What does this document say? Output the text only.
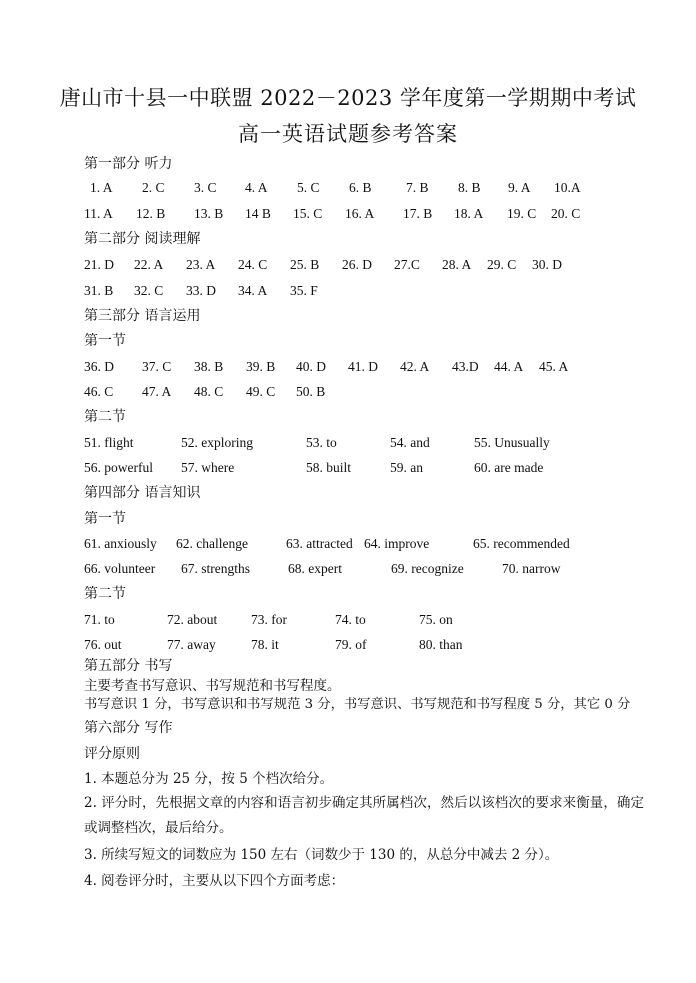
唐山市十县一中联盟 2022－2023 学年度第一学期期中考试
高一英语试题参考答案
第一部分 听力
1. A 2. C 3. C 4. A 5. C 6. B	7. B 8. B 9. A 10.A
11. A 12. B 13. B 14 B 15. C 16. A 17. B 18. A 19. C 20. C
第二部分 阅读理解
21. D 22. A 23. A 24. C 25. B 26. D 27.C 28. A 29. C 30. D
31. B 32. C 33. D 34. A 35. F
第三部分 语言运用
第一节
36. D 37. C 38. B 39. B 40. D 41. D 42. A 43.D 44. A 45. A
46. C 47. A 48. C 49. C 50. B
第二节
51. flight	52. exploring	53. to	54. and	55. Unusually
56. powerful 57. where	58. built	59. an	60. are made
第四部分 语言知识
第一节
61. anxiously 62. challenge	63. attracted 64. improve	65. recommended
66. volunteer 67. strengths	68. expert	69. recognize	70. narrow
第二节
71. to	72. about	73. for	74. to	75. on
76. out	77. away	78. it	79. of	80. than
第五部分 书写
主要考查书写意识、书写规范和书写程度。
书写意识 1 分，书写意识和书写规范 3 分，书写意识、书写规范和书写程度 5 分，其它 0 分
第六部分 写作
评分原则
1. 本题总分为 25 分，按 5 个档次给分。
2. 评分时，先根据文章的内容和语言初步确定其所属档次，然后以该档次的要求来衡量，确定或调整档次，最后给分。
3. 所续写短文的词数应为 150 左右（词数少于 130 的，从总分中减去 2 分）。
4. 阅卷评分时，主要从以下四个方面考虑：
